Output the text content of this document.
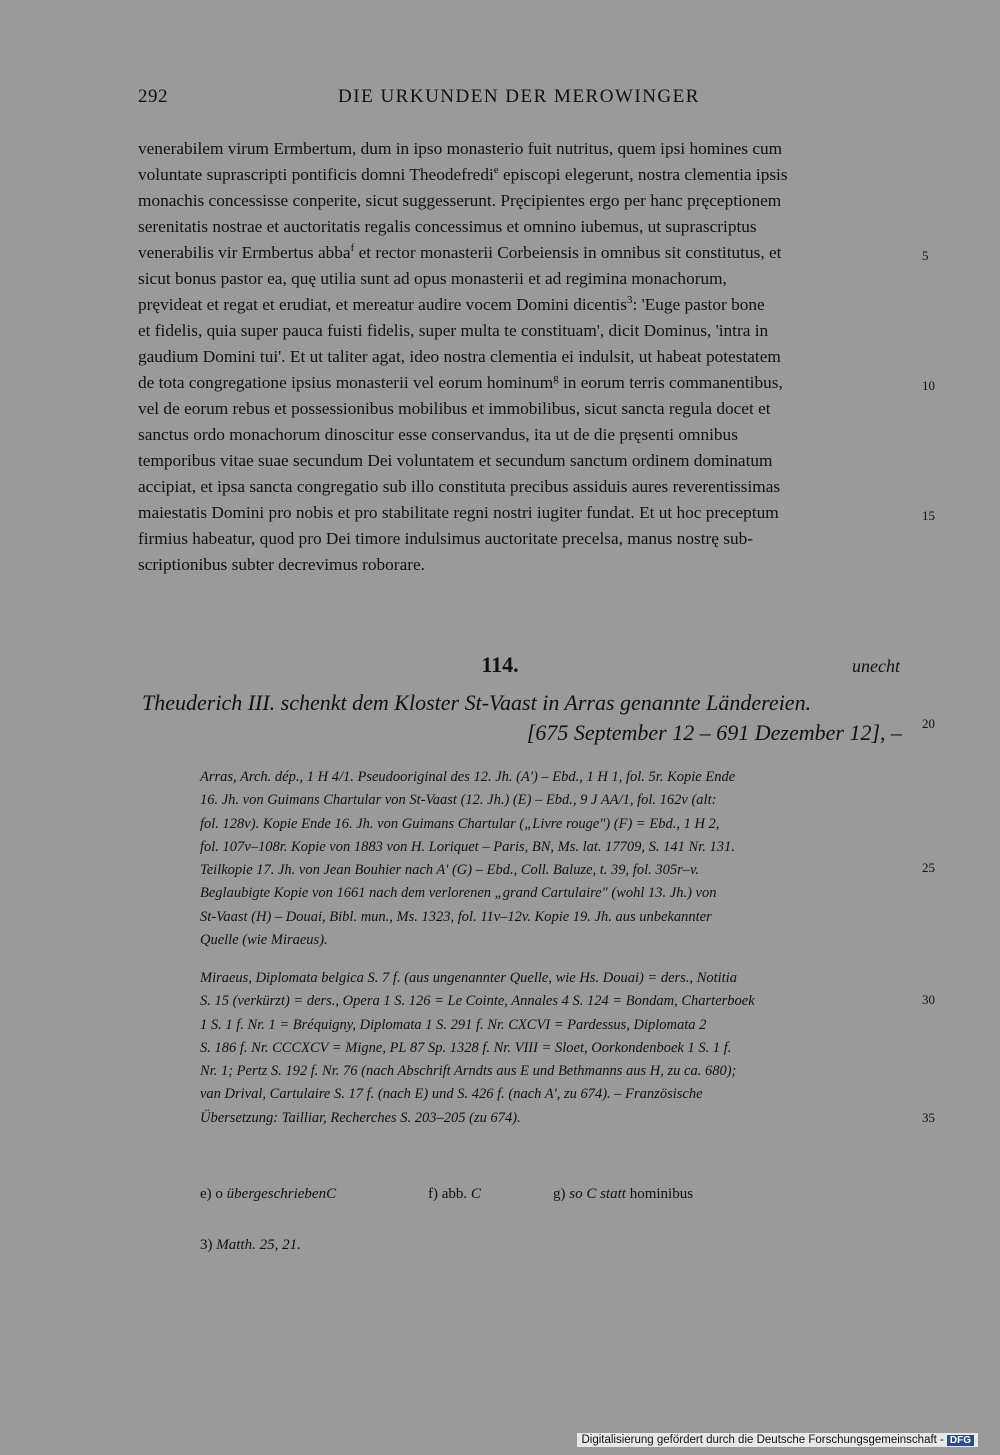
292	DIE URKUNDEN DER MEROWINGER

venerabilem virum Ermbertum, dum in ipso monasterio fuit nutritus, quem ipsi homines cum

voluntate suprascripti pontificis domni Theodefredi$^e$ episcopi elegerunt, nostra clementia ipsis

monachis concessisse conperite, sicut suggesserunt. Pręcipientes ergo per hanc pręceptionem

serenitatis nostrae et auctoritatis regalis concessimus et omnino iubemus, ut suprascriptus

venerabilis vir Ermbertus abba$^f$ et rector monasterii Corbeiensis in omnibus sit constitutus, et

sicut bonus pastor ea, quę utilia sunt ad opus monasterii et ad regimina monachorum,

pręvideat et regat et erudiat, et mereatur audire vocem Domini dicentis$^3$: 'Euge pastor bone

et fidelis, quia super pauca fuisti fidelis, super multa te constituam', dicit Dominus, 'intra in

gaudium Domini tui'. Et ut taliter agat, ideo nostra clementia ei indulsit, ut habeat potestatem

de tota congregatione ipsius monasterii vel eorum hominum$^g$ in eorum terris commanentibus,

vel de eorum rebus et possessionibus mobilibus et immobilibus, sicut sancta regula docet et

sanctus ordo monachorum dinoscitur esse conservandus, ita ut de die pręsenti omnibus

temporibus vitae suae secundum Dei voluntatem et secundum sanctum ordinem dominatum

accipiat, et ipsa sancta congregatio sub illo constituta precibus assiduis aures reverentissimas

maiestatis Domini pro nobis et pro stabilitate regni nostri iugiter fundat. Et ut hoc preceptum

firmius habeatur, quod pro Dei timore indulsimus auctoritate precelsa, manus nostrę sub-

scriptionibus subter decrevimus roborare.

5
10
15
20
25
30
35
114.	unecht
Theuderich III. schenkt dem Kloster St-Vaast in Arras genannte Ländereien.
[675 September 12 – 691 Dezember 12], –

Arras, Arch. dép., 1 H 4/1. Pseudooriginal des 12. Jh. (A') – Ebd., 1 H 1, fol. 5r. Kopie Ende

16. Jh. von Guimans Chartular von St-Vaast (12. Jh.) (E) – Ebd., 9 J AA/1, fol. 162v (alt:

fol. 128v). Kopie Ende 16. Jh. von Guimans Chartular („Livre rouge") (F) = Ebd., 1 H 2,

fol. 107v–108r. Kopie von 1883 von H. Loriquet – Paris, BN, Ms. lat. 17709, S. 141 Nr. 131.

Teilkopie 17. Jh. von Jean Bouhier nach A' (G) – Ebd., Coll. Baluze, t. 39, fol. 305r–v.

Beglaubigte Kopie von 1661 nach dem verlorenen „grand Cartulaire" (wohl 13. Jh.) von

St-Vaast (H) – Douai, Bibl. mun., Ms. 1323, fol. 11v–12v. Kopie 19. Jh. aus unbekannter

Quelle (wie Miraeus).

Miraeus, Diplomata belgica S. 7 f. (aus ungenannter Quelle, wie Hs. Douai) = ders., Notitia

S. 15 (verkürzt) = ders., Opera 1 S. 126 = Le Cointe, Annales 4 S. 124 = Bondam, Charterboek

1 S. 1 f. Nr. 1 = Bréquigny, Diplomata 1 S. 291 f. Nr. CXCVI = Pardessus, Diplomata 2

S. 186 f. Nr. CCCXCV = Migne, PL 87 Sp. 1328 f. Nr. VIII = Sloet, Oorkondenboek 1 S. 1 f.

Nr. 1; Pertz S. 192 f. Nr. 76 (nach Abschrift Arndts aus E und Bethmanns aus H, zu ca. 680);

van Drival, Cartulaire S. 17 f. (nach E) und S. 426 f. (nach A', zu 674). – Französische

Übersetzung: Tailliar, Recherches S. 203–205 (zu 674).

e) o übergeschriebenC	f) abb. C	g) so C statt hominibus
3) Matth. 25, 21.
Digitalisierung gefördert durch die Deutsche Forschungsgemeinschaft - DFG
